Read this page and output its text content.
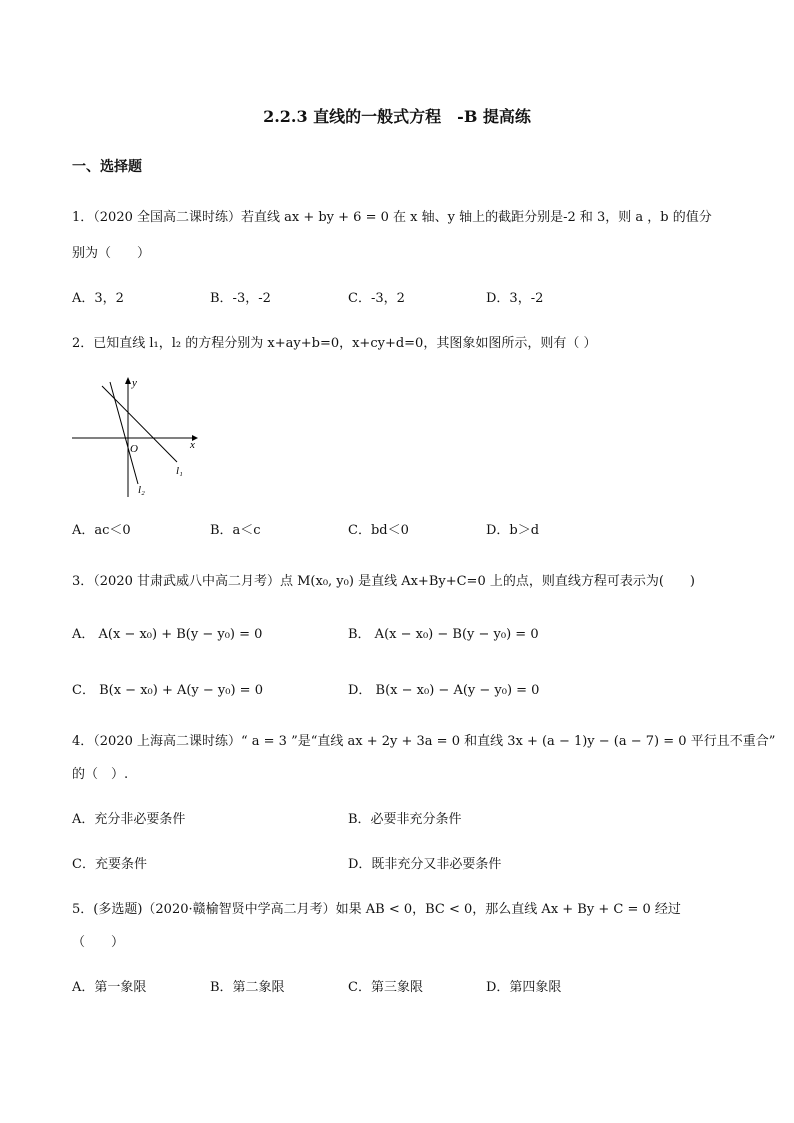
2.2.3 直线的一般式方程　-B 提高练
一、选择题
1．（2020 全国高二课时练）若直线 ax + by + 6 = 0 在 x 轴、y 轴上的截距分别是-2 和 3，则 a ，b 的值分
别为（　　）
A．3，2	B．-3，-2	C．-3，2	D．3，-2
2．已知直线 l₁，l₂ 的方程分别为 x+ay+b=0，x+cy+d=0，其图象如图所示，则有（ ）
y
x
O
l₁
l₂
A．ac＜0	B．a＜c	C．bd＜0	D．b＞d
3．（2020 甘肃武威八中高二月考）点 M(x₀, y₀) 是直线 Ax+By+C=0 上的点，则直线方程可表示为(　　)
A． A(x − x₀) + B(y − y₀) = 0	B． A(x − x₀) − B(y − y₀) = 0
C． B(x − x₀) + A(y − y₀) = 0	D． B(x − x₀) − A(y − y₀) = 0
4．（2020 上海高二课时练）“ a = 3 ”是“直线 ax + 2y + 3a = 0 和直线 3x + (a − 1)y − (a − 7) = 0 平行且不重合”
的（　）.
A．充分非必要条件	B．必要非充分条件
C．充要条件	D．既非充分又非必要条件
5．(多选题)（2020·赣榆智贤中学高二月考）如果 AB < 0，BC < 0，那么直线 Ax + By + C = 0 经过
（　　）
A．第一象限	B．第二象限	C．第三象限	D．第四象限
